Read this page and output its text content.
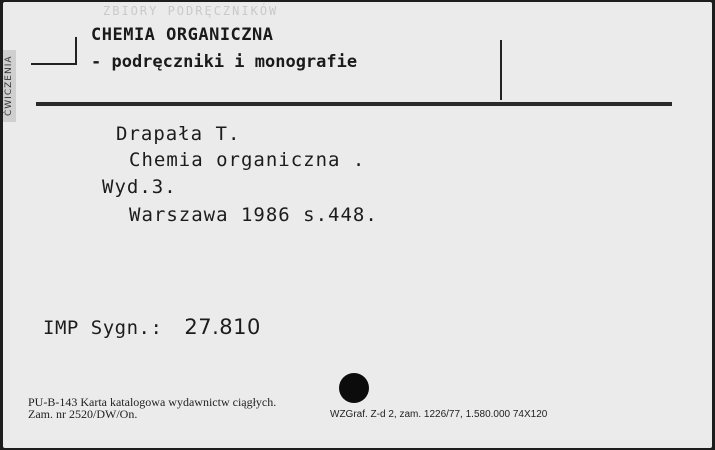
ĆWICZENIA
ZBIORY PODRĘCZNIKÓW
CHEMIA ORGANICZNA
- podręczniki i monografie
Drapała T.
Chemia organiczna .
Wyd.3.
Warszawa 1986 s.448.
IMP Sygn.: 27.810
PU-B-143 Karta katalogowa wydawnictw ciągłych.
Zam. nr 2520/DW/On.	WZGraf. Z-d 2, zam. 1226/77, 1.580.000 74X120
